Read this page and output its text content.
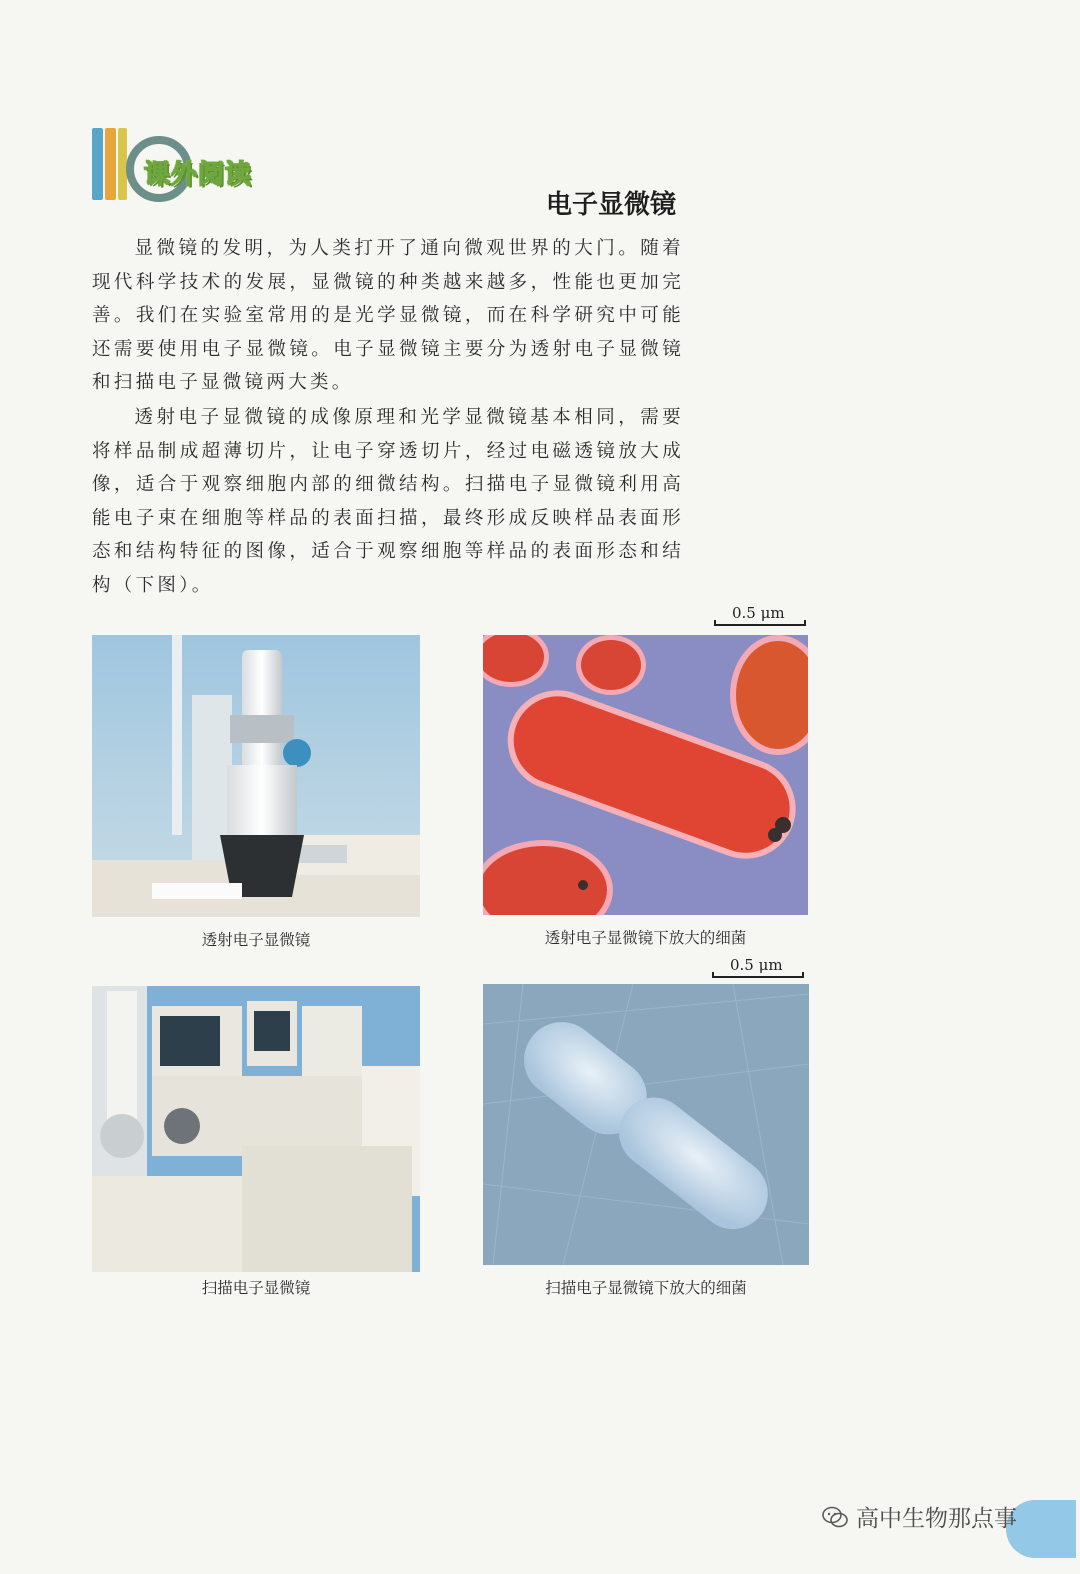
课外阅读
电子显微镜

显微镜的发明，为人类打开了通向微观世界的大门。随着现代科学技术的发展，显微镜的种类越来越多，性能也更加完善。我们在实验室常用的是光学显微镜，而在科学研究中可能还需要使用电子显微镜。电子显微镜主要分为透射电子显微镜和扫描电子显微镜两大类。

透射电子显微镜的成像原理和光学显微镜基本相同，需要将样品制成超薄切片，让电子穿透切片，经过电磁透镜放大成像，适合于观察细胞内部的细微结构。扫描电子显微镜利用高能电子束在细胞等样品的表面扫描，最终形成反映样品表面形态和结构特征的图像，适合于观察细胞等样品的表面形态和结构（下图）。

透射电子显微镜
0.5 μm
透射电子显微镜下放大的细菌
扫描电子显微镜
0.5 μm
扫描电子显微镜下放大的细菌
高中生物那点事
